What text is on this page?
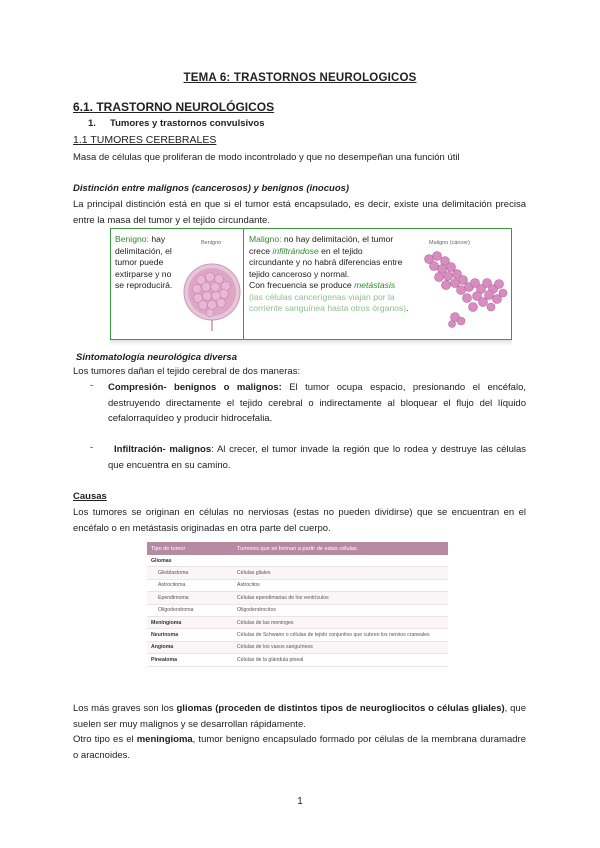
TEMA 6: TRASTORNOS NEUROLOGICOS
6.1. TRASTORNO NEUROLÓGICOS
1. Tumores y trastornos convulsivos
1.1 TUMORES CEREBRALES
Masa de células que proliferan de modo incontrolado y que no desempeñan una función útil
Distinción entre malignos (cancerosos) y benignos (inocuos)
La principal distinción está en que si el tumor está encapsulado, es decir, existe una delimitación precisa entre la masa del tumor y el tejido circundante.
Benigno: hay delimitación, el tumor puede extirparse y no se reproducirá.
Benigno	Maligno: no hay delimitación, el tumor crece infiltrándose en el tejido circundante y no habrá diferencias entre tejido canceroso y normal.
Con frecuencia se produce metástasis (las células cancerígenas viajan por la corriente sanguínea hasta otros órganos).
Maligno (cáncer)
Sintomatología neurológica diversa
Los tumores dañan el tejido cerebral de dos maneras:
- Compresión- benignos o malignos: El tumor ocupa espacio, presionando el encéfalo, destruyendo directamente el tejido cerebral o indirectamente al bloquear el flujo del líquido cefalorraquídeo y producir hidrocefalia.
-	Infiltración- malignos: Al crecer, el tumor invade la región que lo rodea y destruye las células que encuentra en su camino.
Causas
Los tumores se originan en células no nerviosas (estas no pueden dividirse) que se encuentran en el encéfalo o en metástasis originadas en otra parte del cuerpo.
Tipo de tumor	Tumores que se forman a partir de estas células
Gliomas	
Glioblastoma	Células gliales
Astrocitoma	Astrocitos
Ependimoma	Células ependimarias de los ventrículos
Oligodendroma	Oligodendrocitos
Meningioma	Células de las meninges
Neurinoma	Células de Schwann o células de tejido conjuntivo que cubren los nervios craneales
Angioma	Células de los vasos sanguíneos
Pinealoma	Células de la glándula pineal
Los más graves son los gliomas (proceden de distintos tipos de neurogliocitos o células gliales), que suelen ser muy malignos y se desarrollan rápidamente.
Otro tipo es el meningioma, tumor benigno encapsulado formado por células de la membrana duramadre o aracnoides.
1
